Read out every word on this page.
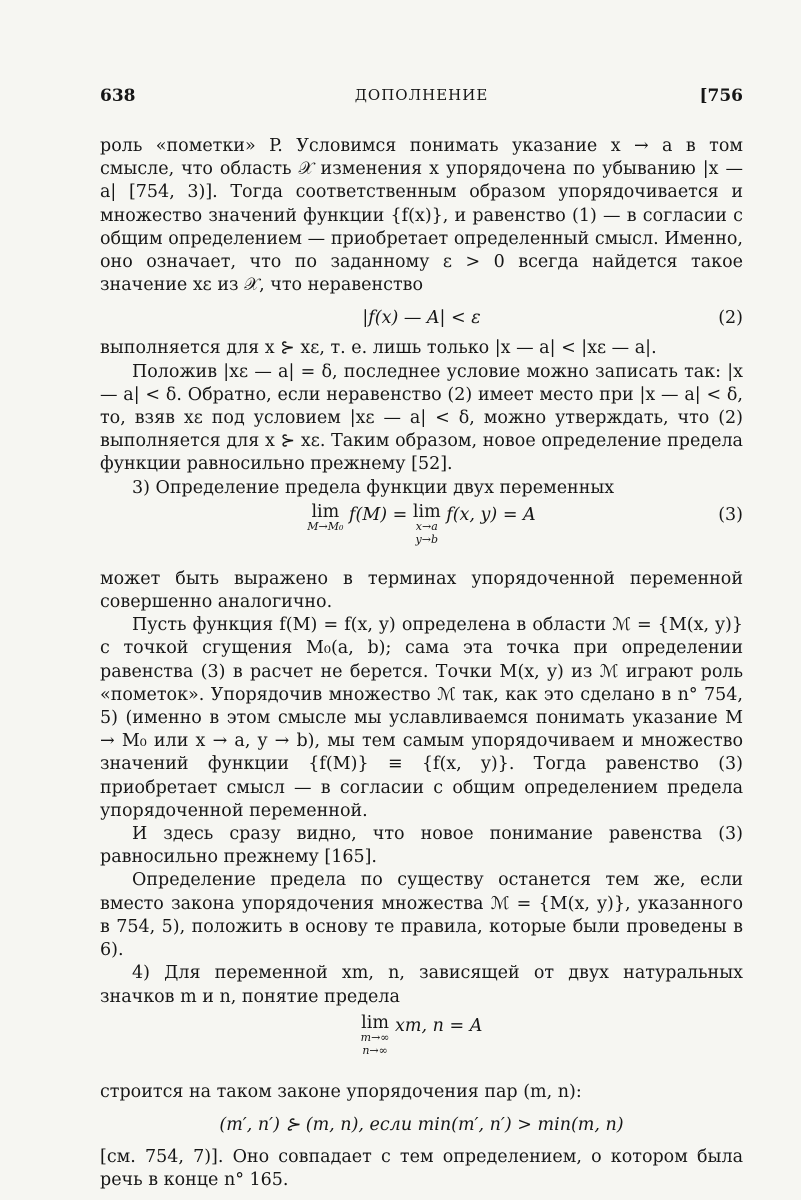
638	ДОПОЛНЕНИЕ	[756

роль «пометки» P. Условимся понимать указание x → a в том смысле, что область 𝒳 изменения x упорядочена по убыванию |x — a| [754, 3)]. Тогда соответственным образом упорядочивается и множество значений функции {f(x)}, и равенство (1) — в согласии с общим определением — приобретает определенный смысл. Именно, оно означает, что по заданному ε > 0 всегда найдется такое значение xε из 𝒳, что неравенство

|f(x) — A| < ε	(2)

выполняется для x ⊱ xε, т. е. лишь только |x — a| < |xε — a|.

Положив |xε — a| = δ, последнее условие можно записать так: |x — a| < δ. Обратно, если неравенство (2) имеет место при |x — a| < δ, то, взяв xε под условием |xε — a| < δ, можно утверждать, что (2) выполняется для x ⊱ xε. Таким образом, новое определение предела функции равносильно прежнему [52].

3) Определение предела функции двух переменных

lim
M→M₀
f(M) = lim
x→a
y→b
f(x, y) = A	(3)

может быть выражено в терминах упорядоченной переменной совершенно аналогично.

Пусть функция f(M) = f(x, y) определена в области ℳ = {M(x, y)} с точкой сгущения M₀(a, b); сама эта точка при определении равенства (3) в расчет не берется. Точки M(x, y) из ℳ играют роль «пометок». Упорядочив множество ℳ так, как это сделано в n° 754, 5) (именно в этом смысле мы уславливаемся понимать указание M → M₀ или x → a, y → b), мы тем самым упорядочиваем и множество значений функции {f(M)} ≡ {f(x, y)}. Тогда равенство (3) приобретает смысл — в согласии с общим определением предела упорядоченной переменной.

И здесь сразу видно, что новое понимание равенства (3) равносильно прежнему [165].

Определение предела по существу останется тем же, если вместо закона упорядочения множества ℳ = {M(x, y)}, указанного в 754, 5), положить в основу те правила, которые были проведены в 6).

4) Для переменной xm, n, зависящей от двух натуральных значков m и n, понятие предела

lim
m→∞
n→∞
xm, n = A

строится на таком законе упорядочения пар (m, n):

(m′, n′) ⊱ (m, n), если min(m′, n′) > min(m, n)

[см. 754, 7)]. Оно совпадает с тем определением, о котором была речь в конце n° 165.
